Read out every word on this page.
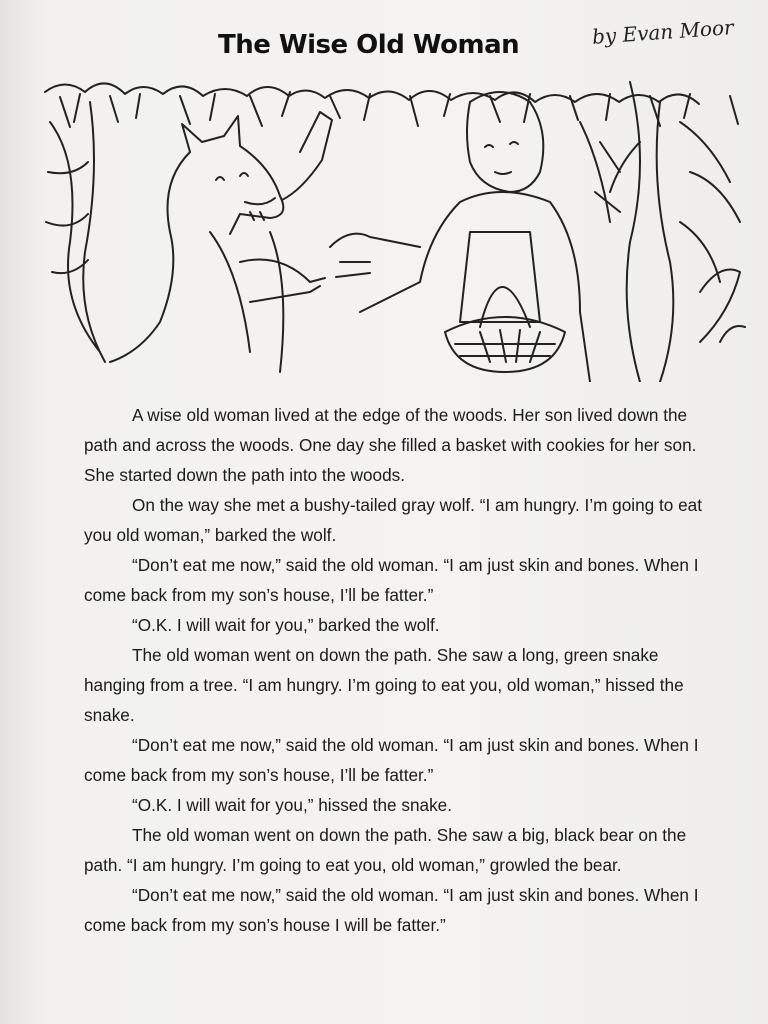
The Wise Old Woman	by Evan Moor

A wise old woman lived at the edge of the woods. Her son lived down the path and across the woods. One day she filled a basket with cookies for her son. She started down the path into the woods.

On the way she met a bushy-tailed gray wolf. “I am hungry. I’m going to eat you old woman,” barked the wolf.

“Don’t eat me now,” said the old woman. “I am just skin and bones. When I come back from my son’s house, I’ll be fatter.”

“O.K. I will wait for you,” barked the wolf.

The old woman went on down the path. She saw a long, green snake hanging from a tree. “I am hungry. I’m going to eat you, old woman,” hissed the snake.

“Don’t eat me now,” said the old woman. “I am just skin and bones. When I come back from my son’s house, I’ll be fatter.”

“O.K. I will wait for you,” hissed the snake.

The old woman went on down the path. She saw a big, black bear on the path. “I am hungry. I’m going to eat you, old woman,” growled the bear.

“Don’t eat me now,” said the old woman. “I am just skin and bones. When I come back from my son’s house I will be fatter.”
